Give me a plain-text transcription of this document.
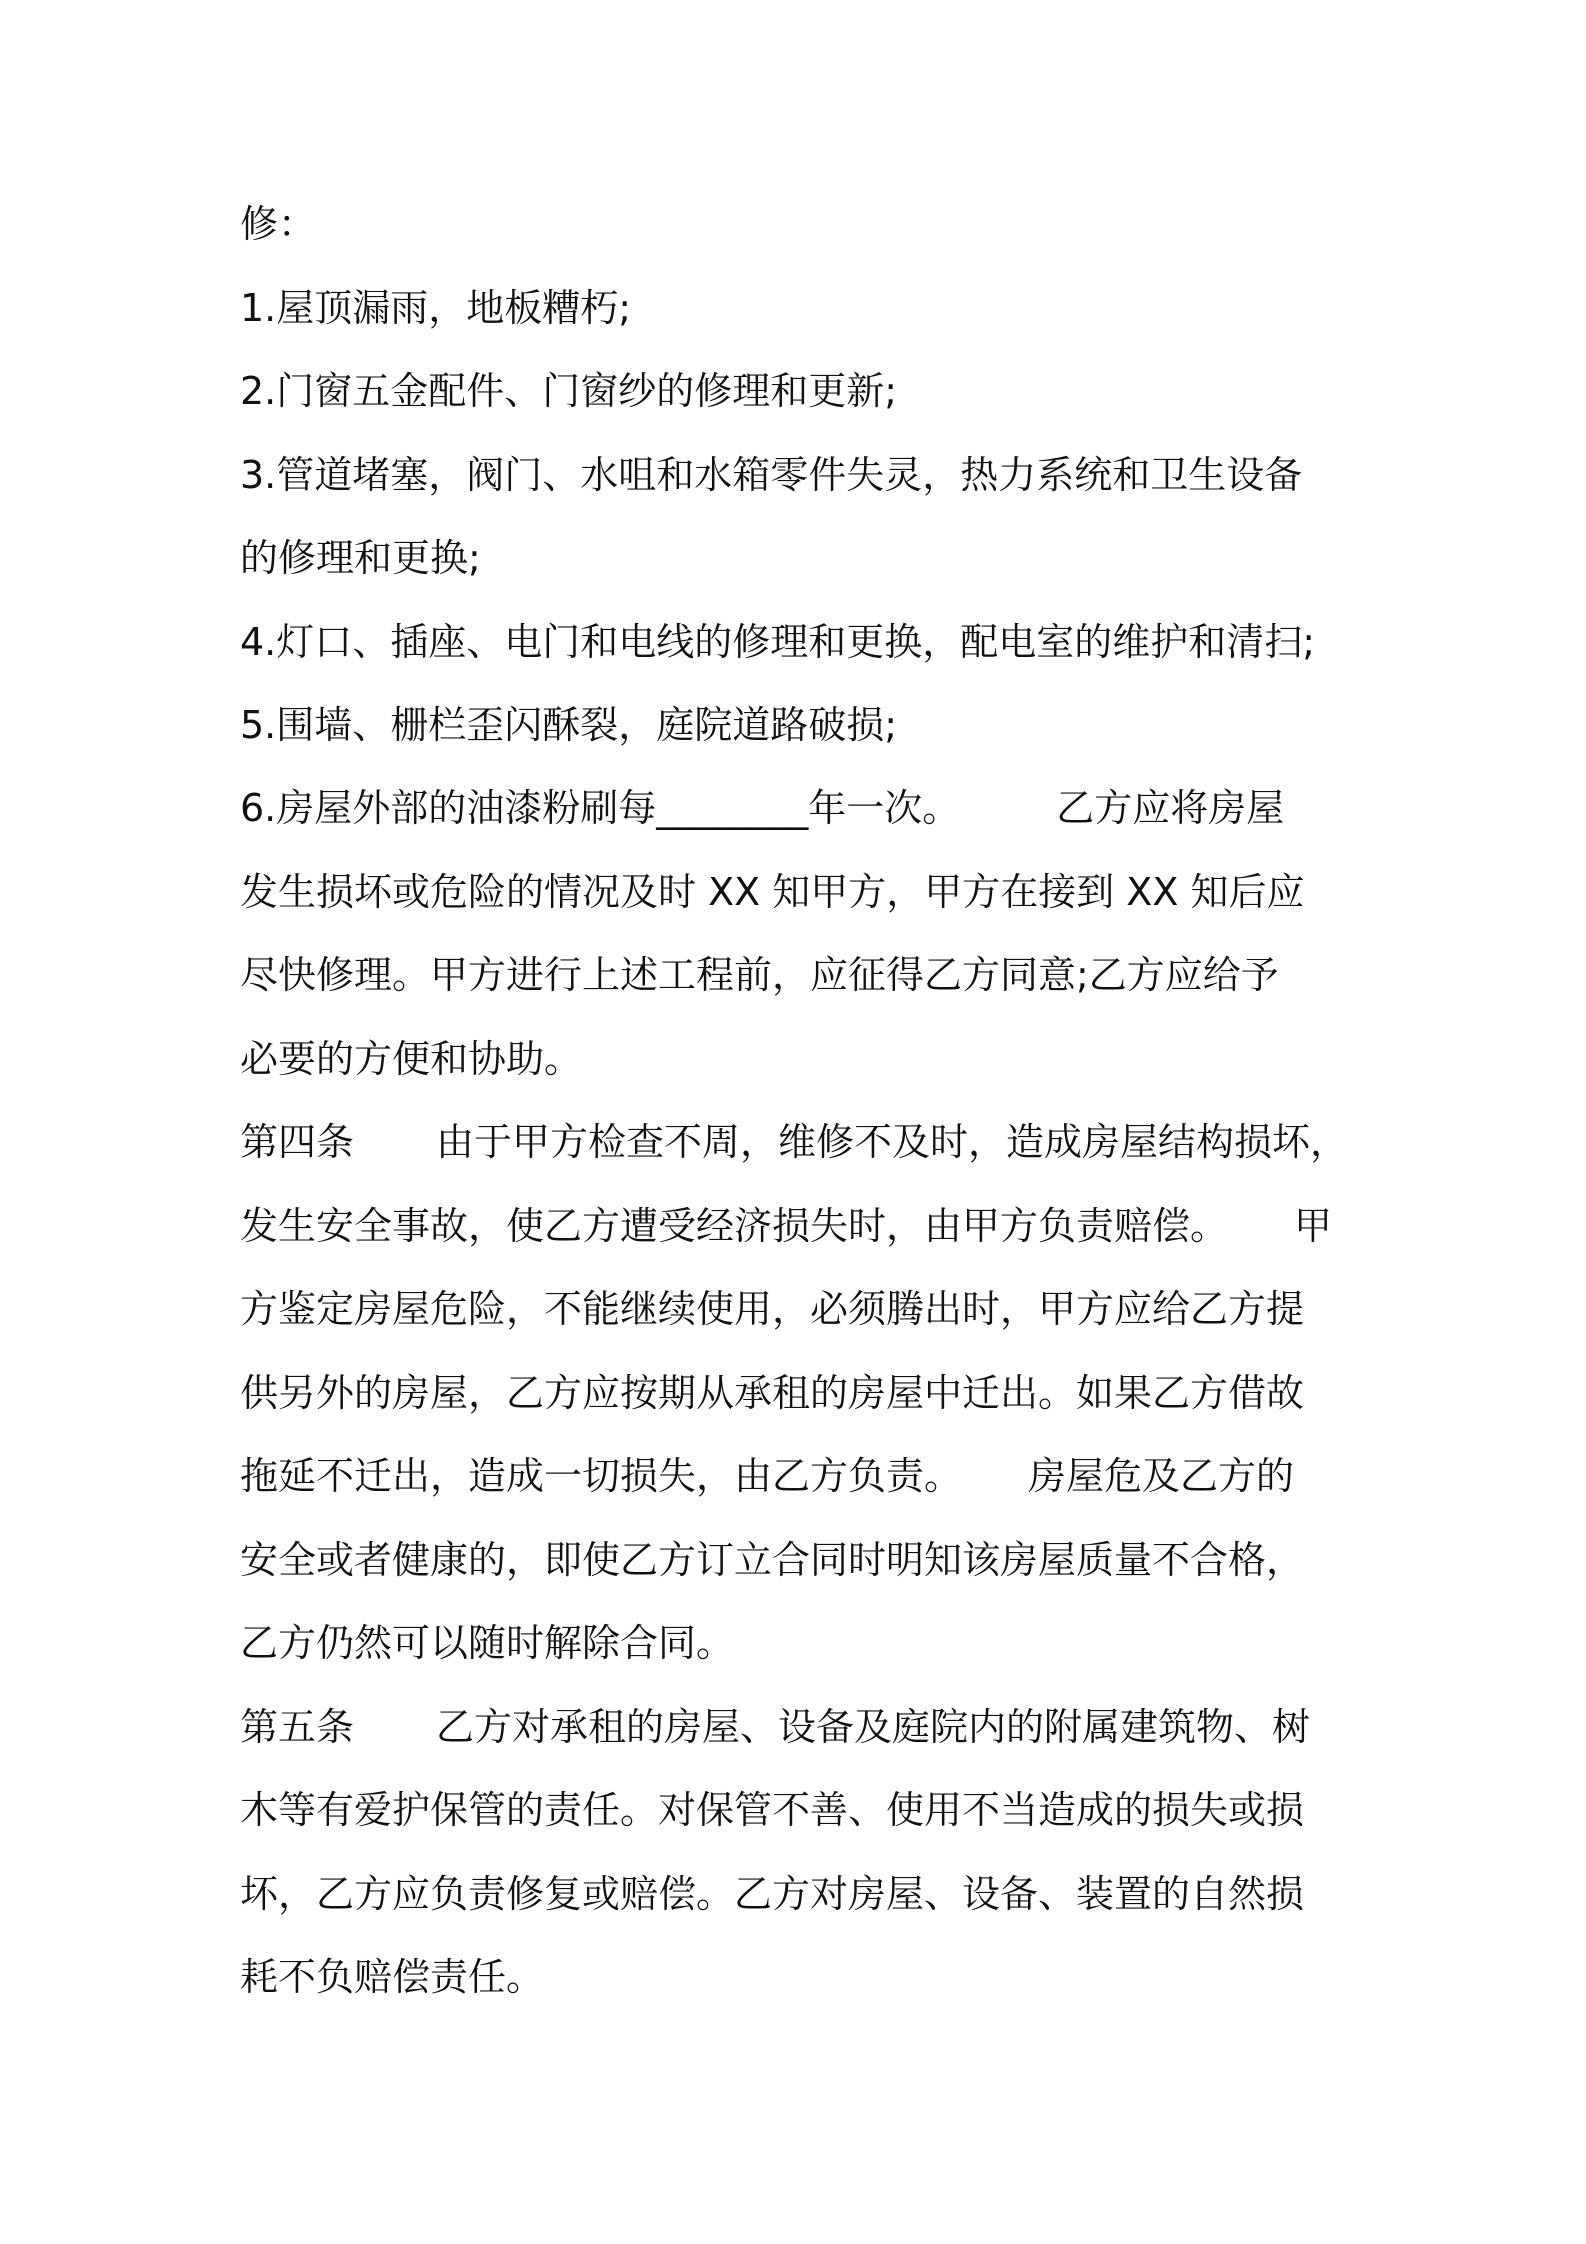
修：
1.屋顶漏雨，地板糟朽;
2.门窗五金配件、门窗纱的修理和更新;
3.管道堵塞，阀门、水咀和水箱零件失灵，热力系统和卫生设备
的修理和更换;
4.灯口、插座、电门和电线的修理和更换，配电室的维护和清扫;
5.围墙、栅栏歪闪酥裂，庭院道路破损;
6.房屋外部的油漆粉刷每________年一次。	乙方应将房屋
发生损坏或危险的情况及时 XX 知甲方，甲方在接到 XX 知后应
尽快修理。甲方进行上述工程前，应征得乙方同意;乙方应给予
必要的方便和协助。
第四条 由于甲方检查不周，维修不及时，造成房屋结构损坏，
发生安全事故，使乙方遭受经济损失时，由甲方负责赔偿。 甲
方鉴定房屋危险，不能继续使用，必须腾出时，甲方应给乙方提
供另外的房屋，乙方应按期从承租的房屋中迁出。如果乙方借故
拖延不迁出，造成一切损失，由乙方负责。 房屋危及乙方的
安全或者健康的，即使乙方订立合同时明知该房屋质量不合格，
乙方仍然可以随时解除合同。
第五条 乙方对承租的房屋、设备及庭院内的附属建筑物、树
木等有爱护保管的责任。对保管不善、使用不当造成的损失或损
坏，乙方应负责修复或赔偿。乙方对房屋、设备、装置的自然损
耗不负赔偿责任。
